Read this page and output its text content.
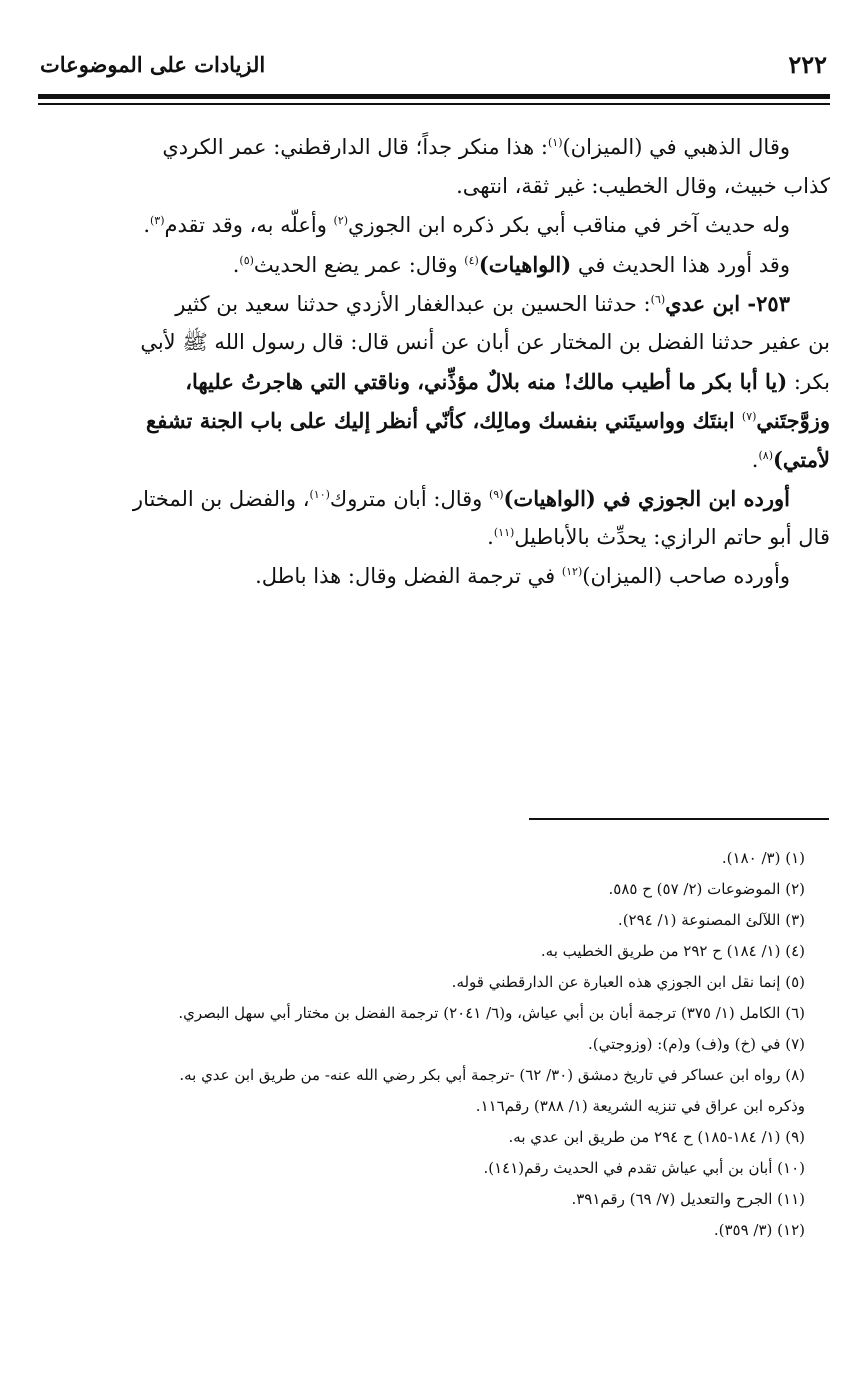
٢٢٢
الزيادات على الموضوعات
وقال الذهبي في (الميزان)$^{(١)}$: هذا منكر جداً؛ قال الدارقطني: عمر الكردي
كذاب خبيث، وقال الخطيب: غير ثقة، انتهى.
وله حديث آخر في مناقب أبي بكر ذكره ابن الجوزي$^{(٢)}$ وأعلّه به، وقد تقدم$^{(٣)}$.
وقد أورد هذا الحديث في (الواهيات)$^{(٤)}$ وقال: عمر يضع الحديث$^{(٥)}$.
٢٥٣- ابن عدي$^{(٦)}$: حدثنا الحسين بن عبدالغفار الأزدي حدثنا سعيد بن كثير
بن عفير حدثنا الفضل بن المختار عن أبان عن أنس قال: قال رسول الله ﷺ لأبي
بكر: (يا أبا بكر ما أطيب مالك! منه بلالٌ مؤذِّني، وناقتي التي هاجرتُ عليها،
وزوَّجتَني$^{(٧)}$ ابنتَك وواسيتَني بنفسك ومالِك، كأنّي أنظر إليك على باب الجنة تشفع
لأمتي)$^{(٨)}$.
أورده ابن الجوزي في (الواهيات)$^{(٩)}$ وقال: أبان متروك$^{(١٠)}$، والفضل بن المختار
قال أبو حاتم الرازي: يحدِّث بالأباطيل$^{(١١)}$.
وأورده صاحب (الميزان)$^{(١٢)}$ في ترجمة الفضل وقال: هذا باطل.
(١) (٣/ ١٨٠).
(٢) الموضوعات (٢/ ٥٧) ح ٥٨٥.
(٣) اللآلئ المصنوعة (١/ ٢٩٤).
(٤) (١/ ١٨٤) ح ٢٩٢ من طريق الخطيب به.
(٥) إنما نقل ابن الجوزي هذه العبارة عن الدارقطني قوله.
(٦) الكامل (١/ ٣٧٥) ترجمة أبان بن أبي عياش، و(٦/ ٢٠٤١) ترجمة الفضل بن مختار أبي سهل البصري.
(٧) في (خ) و(ف) و(م): (وزوجتي).
(٨) رواه ابن عساكر في تاريخ دمشق (٣٠/ ٦٢) -ترجمة أبي بكر رضي الله عنه- من طريق ابن عدي به.
وذكره ابن عراق في تنزيه الشريعة (١/ ٣٨٨) رقم١١٦.
(٩) (١/ ١٨٤-١٨٥) ح ٢٩٤ من طريق ابن عدي به.
(١٠) أبان بن أبي عياش تقدم في الحديث رقم(١٤١).
(١١) الجرح والتعديل (٧/ ٦٩) رقم٣٩١.
(١٢) (٣/ ٣٥٩).
